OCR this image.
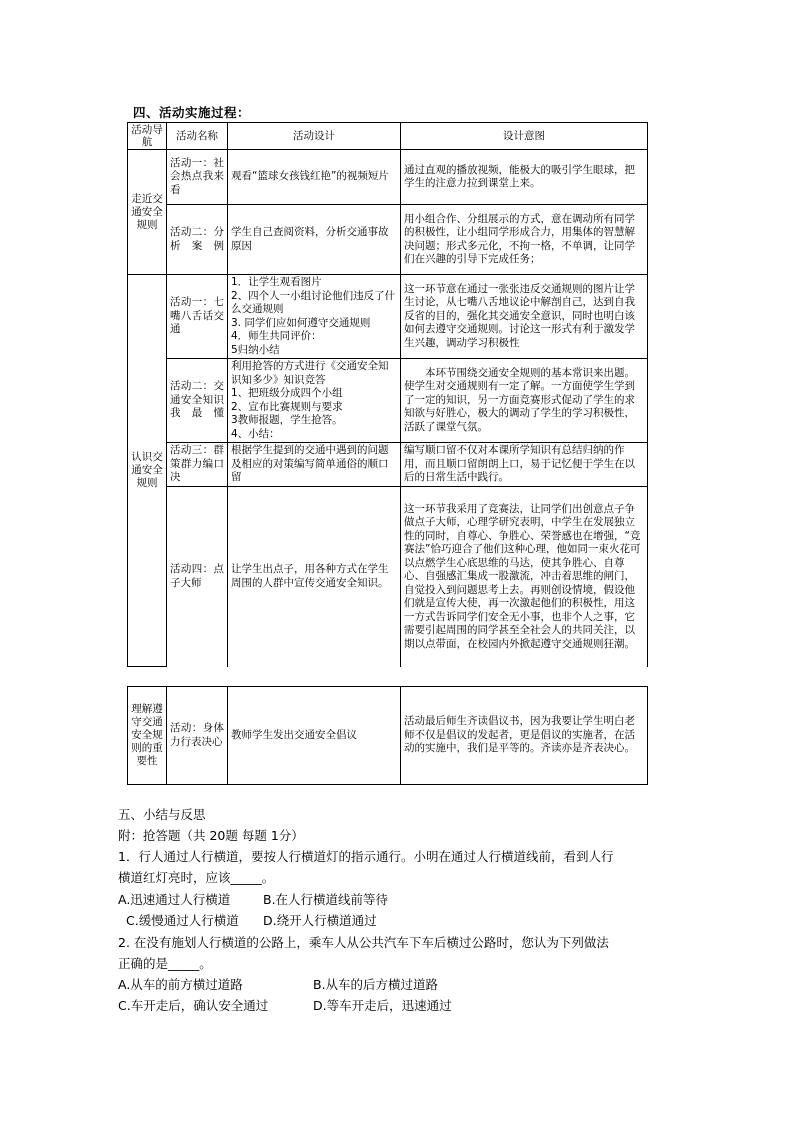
四、活动实施过程：
活动导航	活动名称	活动设计	设计意图
走近交通安全规则	活动一：社会热点我来看	观看“篮球女孩钱红艳”的视频短片	通过直观的播放视频，能极大的吸引学生眼球，把学生的注意力拉到课堂上来。
	活动二：分析案例	学生自己查阅资料，分析交通事故原因	用小组合作、分组展示的方式，意在调动所有同学的积极性，让小组同学形成合力，用集体的智慧解决问题；形式多元化，不拘一格，不单调，让同学们在兴趣的引导下完成任务；
认识交通安全规则	活动一：七嘴八舌话交通	1．让学生观看图片
2、四个人一小组讨论他们违反了什么交通规则
3. 同学们应如何遵守交通规则
4．师生共同评价：
5归纳小结	这一环节意在通过一张张违反交通规则的图片让学生讨论，从七嘴八舌地议论中解剖自己，达到自我反省的目的，强化其交通安全意识，同时也明白该如何去遵守交通规则。讨论这一形式有利于激发学生兴趣，调动学习积极性
	活动二：交通安全知识我最懂	利用抢答的方式进行《交通安全知识知多少》知识竞答
1、把班级分成四个小组
2、宣布比赛规则与要求
3教师报题，学生抢答。
4、小结：	本环节围绕交通安全规则的基本常识来出题。使学生对交通规则有一定了解。一方面使学生学到了一定的知识，另一方面竞赛形式促动了学生的求知欲与好胜心，极大的调动了学生的学习积极性，活跃了课堂气氛。
	活动三：群策群力编口决	根据学生提到的交通中遇到的问题及相应的对策编写简单通俗的顺口留	编写顺口留不仅对本课所学知识有总结归纳的作用，而且顺口留朗朗上口，易于记忆便于学生在以后的日常生活中践行。
	活动四：点子大师	让学生出点子，用各种方式在学生周围的人群中宣传交通安全知识。	这一环节我采用了竞赛法，让同学们出创意点子争做点子大师，心理学研究表明，中学生在发展独立性的同时，自尊心、争胜心、荣誉感也在增强，“竞赛法”恰巧迎合了他们这种心理，他如同一束火花可以点燃学生心底思维的马达，使其争胜心、自尊心、自强感汇集成一股激流，冲击着思维的闸门，自觉投入到问题思考上去。再则创设情境，假设他们就是宣传大使，再一次激起他们的积极性，用这一方式告诉同学们安全无小事，也非个人之事，它需要引起周围的同学甚至全社会人的共同关注，以期以点带面，在校园内外掀起遵守交通规则狂潮。
理解遵守交通安全规则的重要性	活动：身体力行表决心	教师学生发出交通安全倡议	活动最后师生齐读倡议书，因为我要让学生明白老师不仅是倡议的发起者，更是倡议的实施者，在活动的实施中，我们是平等的。齐读亦是齐表决心。
五、小结与反思
附：抢答题（共 20题 每题 1分）
1．行人通过人行横道，要按人行横道灯的指示通行。小明在通过人行横道线前，看到人行
横道红灯亮时，应该_____。
A.迅速通过人行横道	B.在人行横道线前等待
C.缓慢通过人行横道 D.绕开人行横道通过
2. 在没有施划人行横道的公路上，乘车人从公共汽车下车后横过公路时，您认为下列做法
正确的是_____。
A.从车的前方横过道路	B.从车的后方横过道路
C.车开走后，确认安全通过	D.等车开走后，迅速通过
